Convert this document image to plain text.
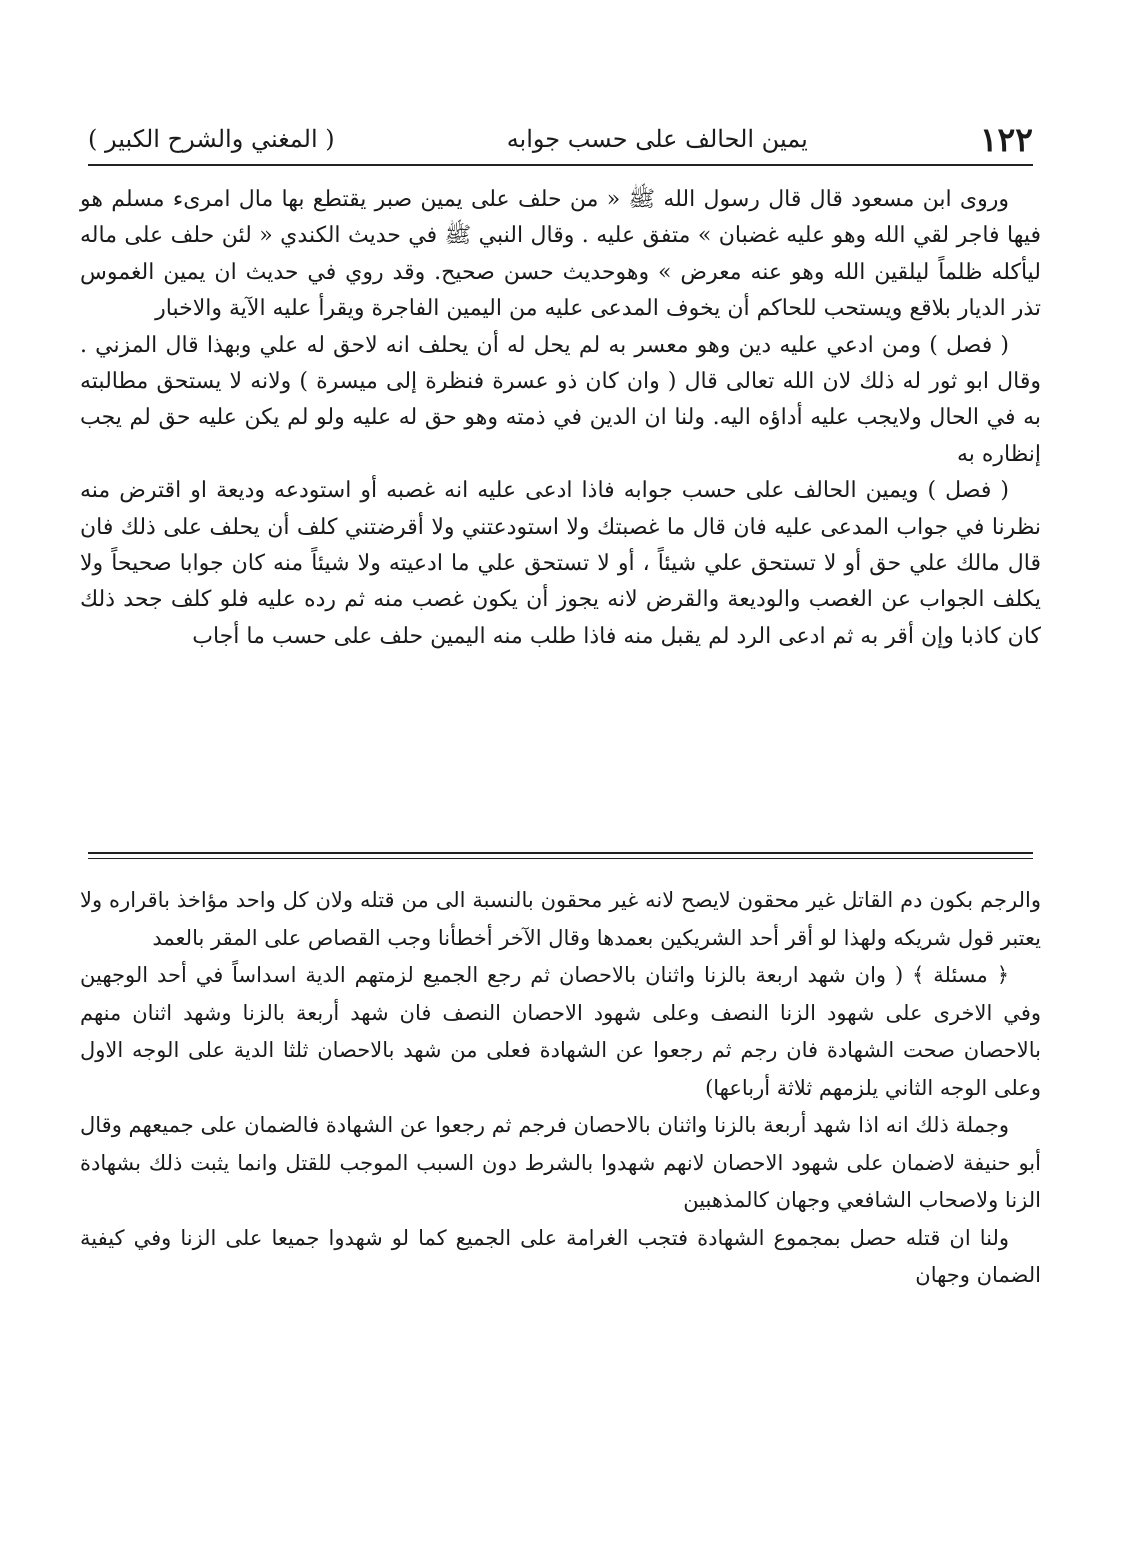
١٢٢
يمين الحالف على حسب جوابه
( المغني والشرح الكبير )

وروى ابن مسعود قال قال رسول الله ﷺ « من حلف على يمين صبر يقتطع بها مال امرىء مسلم هو فيها فاجر لقي الله وهو عليه غضبان » متفق عليه . وقال النبي ﷺ في حديث الكندي « لئن حلف على ماله ليأكله ظلماً ليلقين الله وهو عنه معرض » وهوحديث حسن صحيح. وقد روي في حديث ان يمين الغموس تذر الديار بلاقع ويستحب للحاكم أن يخوف المدعى عليه من اليمين الفاجرة ويقرأ عليه الآية والاخبار

( فصل ) ومن ادعي عليه دين وهو معسر به لم يحل له أن يحلف انه لاحق له علي وبهذا قال المزني . وقال ابو ثور له ذلك لان الله تعالى قال ( وان كان ذو عسرة فنظرة إلى ميسرة ) ولانه لا يستحق مطالبته به في الحال ولايجب عليه أداؤه اليه. ولنا ان الدين في ذمته وهو حق له عليه ولو لم يكن عليه حق لم يجب إنظاره به

( فصل ) ويمين الحالف على حسب جوابه فاذا ادعى عليه انه غصبه أو استودعه وديعة او اقترض منه نظرنا في جواب المدعى عليه فان قال ما غصبتك ولا استودعتني ولا أقرضتني كلف أن يحلف على ذلك فان قال مالك علي حق أو لا تستحق علي شيئاً ، أو لا تستحق علي ما ادعيته ولا شيئاً منه كان جوابا صحيحاً ولا يكلف الجواب عن الغصب والوديعة والقرض لانه يجوز أن يكون غصب منه ثم رده عليه فلو كلف جحد ذلك كان كاذبا وإن أقر به ثم ادعى الرد لم يقبل منه فاذا طلب منه اليمين حلف على حسب ما أجاب

والرجم بكون دم القاتل غير محقون لايصح لانه غير محقون بالنسبة الى من قتله ولان كل واحد مؤاخذ باقراره ولا يعتبر قول شريكه ولهذا لو أقر أحد الشريكين بعمدها وقال الآخر أخطأنا وجب القصاص على المقر بالعمد

﴿ مسئلة ﴾ ( وان شهد اربعة بالزنا واثنان بالاحصان ثم رجع الجميع لزمتهم الدية اسداساً في أحد الوجهين وفي الاخرى على شهود الزنا النصف وعلى شهود الاحصان النصف فان شهد أربعة بالزنا وشهد اثنان منهم بالاحصان صحت الشهادة فان رجم ثم رجعوا عن الشهادة فعلى من شهد بالاحصان ثلثا الدية على الوجه الاول وعلى الوجه الثاني يلزمهم ثلاثة أرباعها)

وجملة ذلك انه اذا شهد أربعة بالزنا واثنان بالاحصان فرجم ثم رجعوا عن الشهادة فالضمان على جميعهم وقال أبو حنيفة لاضمان على شهود الاحصان لانهم شهدوا بالشرط دون السبب الموجب للقتل وانما يثبت ذلك بشهادة الزنا ولاصحاب الشافعي وجهان كالمذهبين

ولنا ان قتله حصل بمجموع الشهادة فتجب الغرامة على الجميع كما لو شهدوا جميعا على الزنا وفي كيفية الضمان وجهان
